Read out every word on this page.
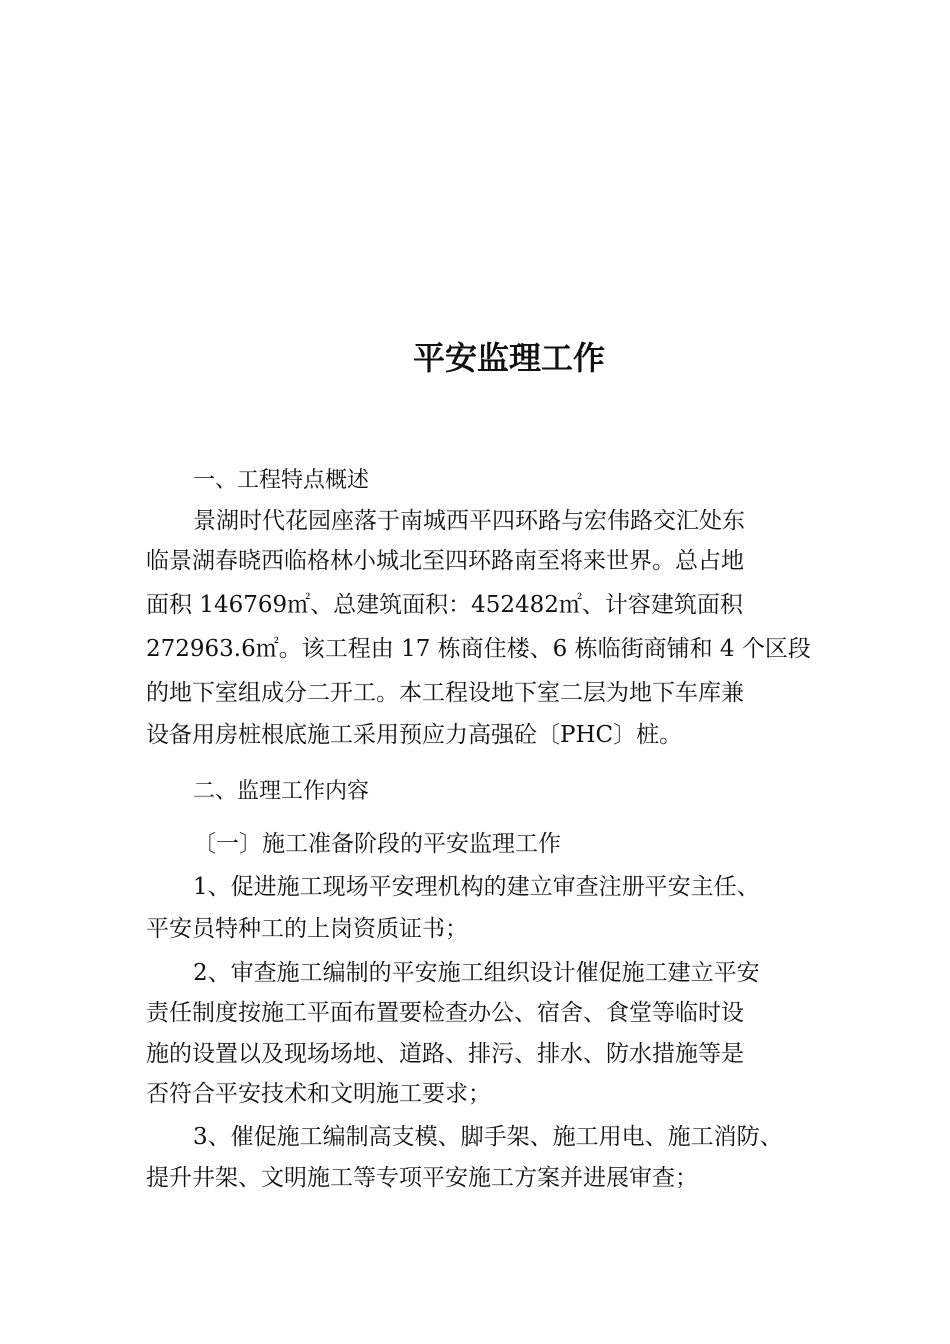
平安监理工作
一、工程特点概述
景湖时代花园座落于南城西平四环路与宏伟路交汇处东
临景湖春晓西临格林小城北至四环路南至将来世界。总占地
面积 146769㎡、总建筑面积：452482㎡、计容建筑面积
272963.6㎡。该工程由 17 栋商住楼、6 栋临街商铺和 4 个区段
的地下室组成分二开工。本工程设地下室二层为地下车库兼
设备用房桩根底施工采用预应力高强砼〔PHC〕桩。
二、监理工作内容
〔一〕施工准备阶段的平安监理工作
1、促进施工现场平安理机构的建立审查注册平安主任、
平安员特种工的上岗资质证书；
2、审查施工编制的平安施工组织设计催促施工建立平安
责任制度按施工平面布置要检查办公、宿舍、食堂等临时设
施的设置以及现场场地、道路、排污、排水、防水措施等是
否符合平安技术和文明施工要求；
3、催促施工编制高支模、脚手架、施工用电、施工消防、
提升井架、文明施工等专项平安施工方案并进展审查；
